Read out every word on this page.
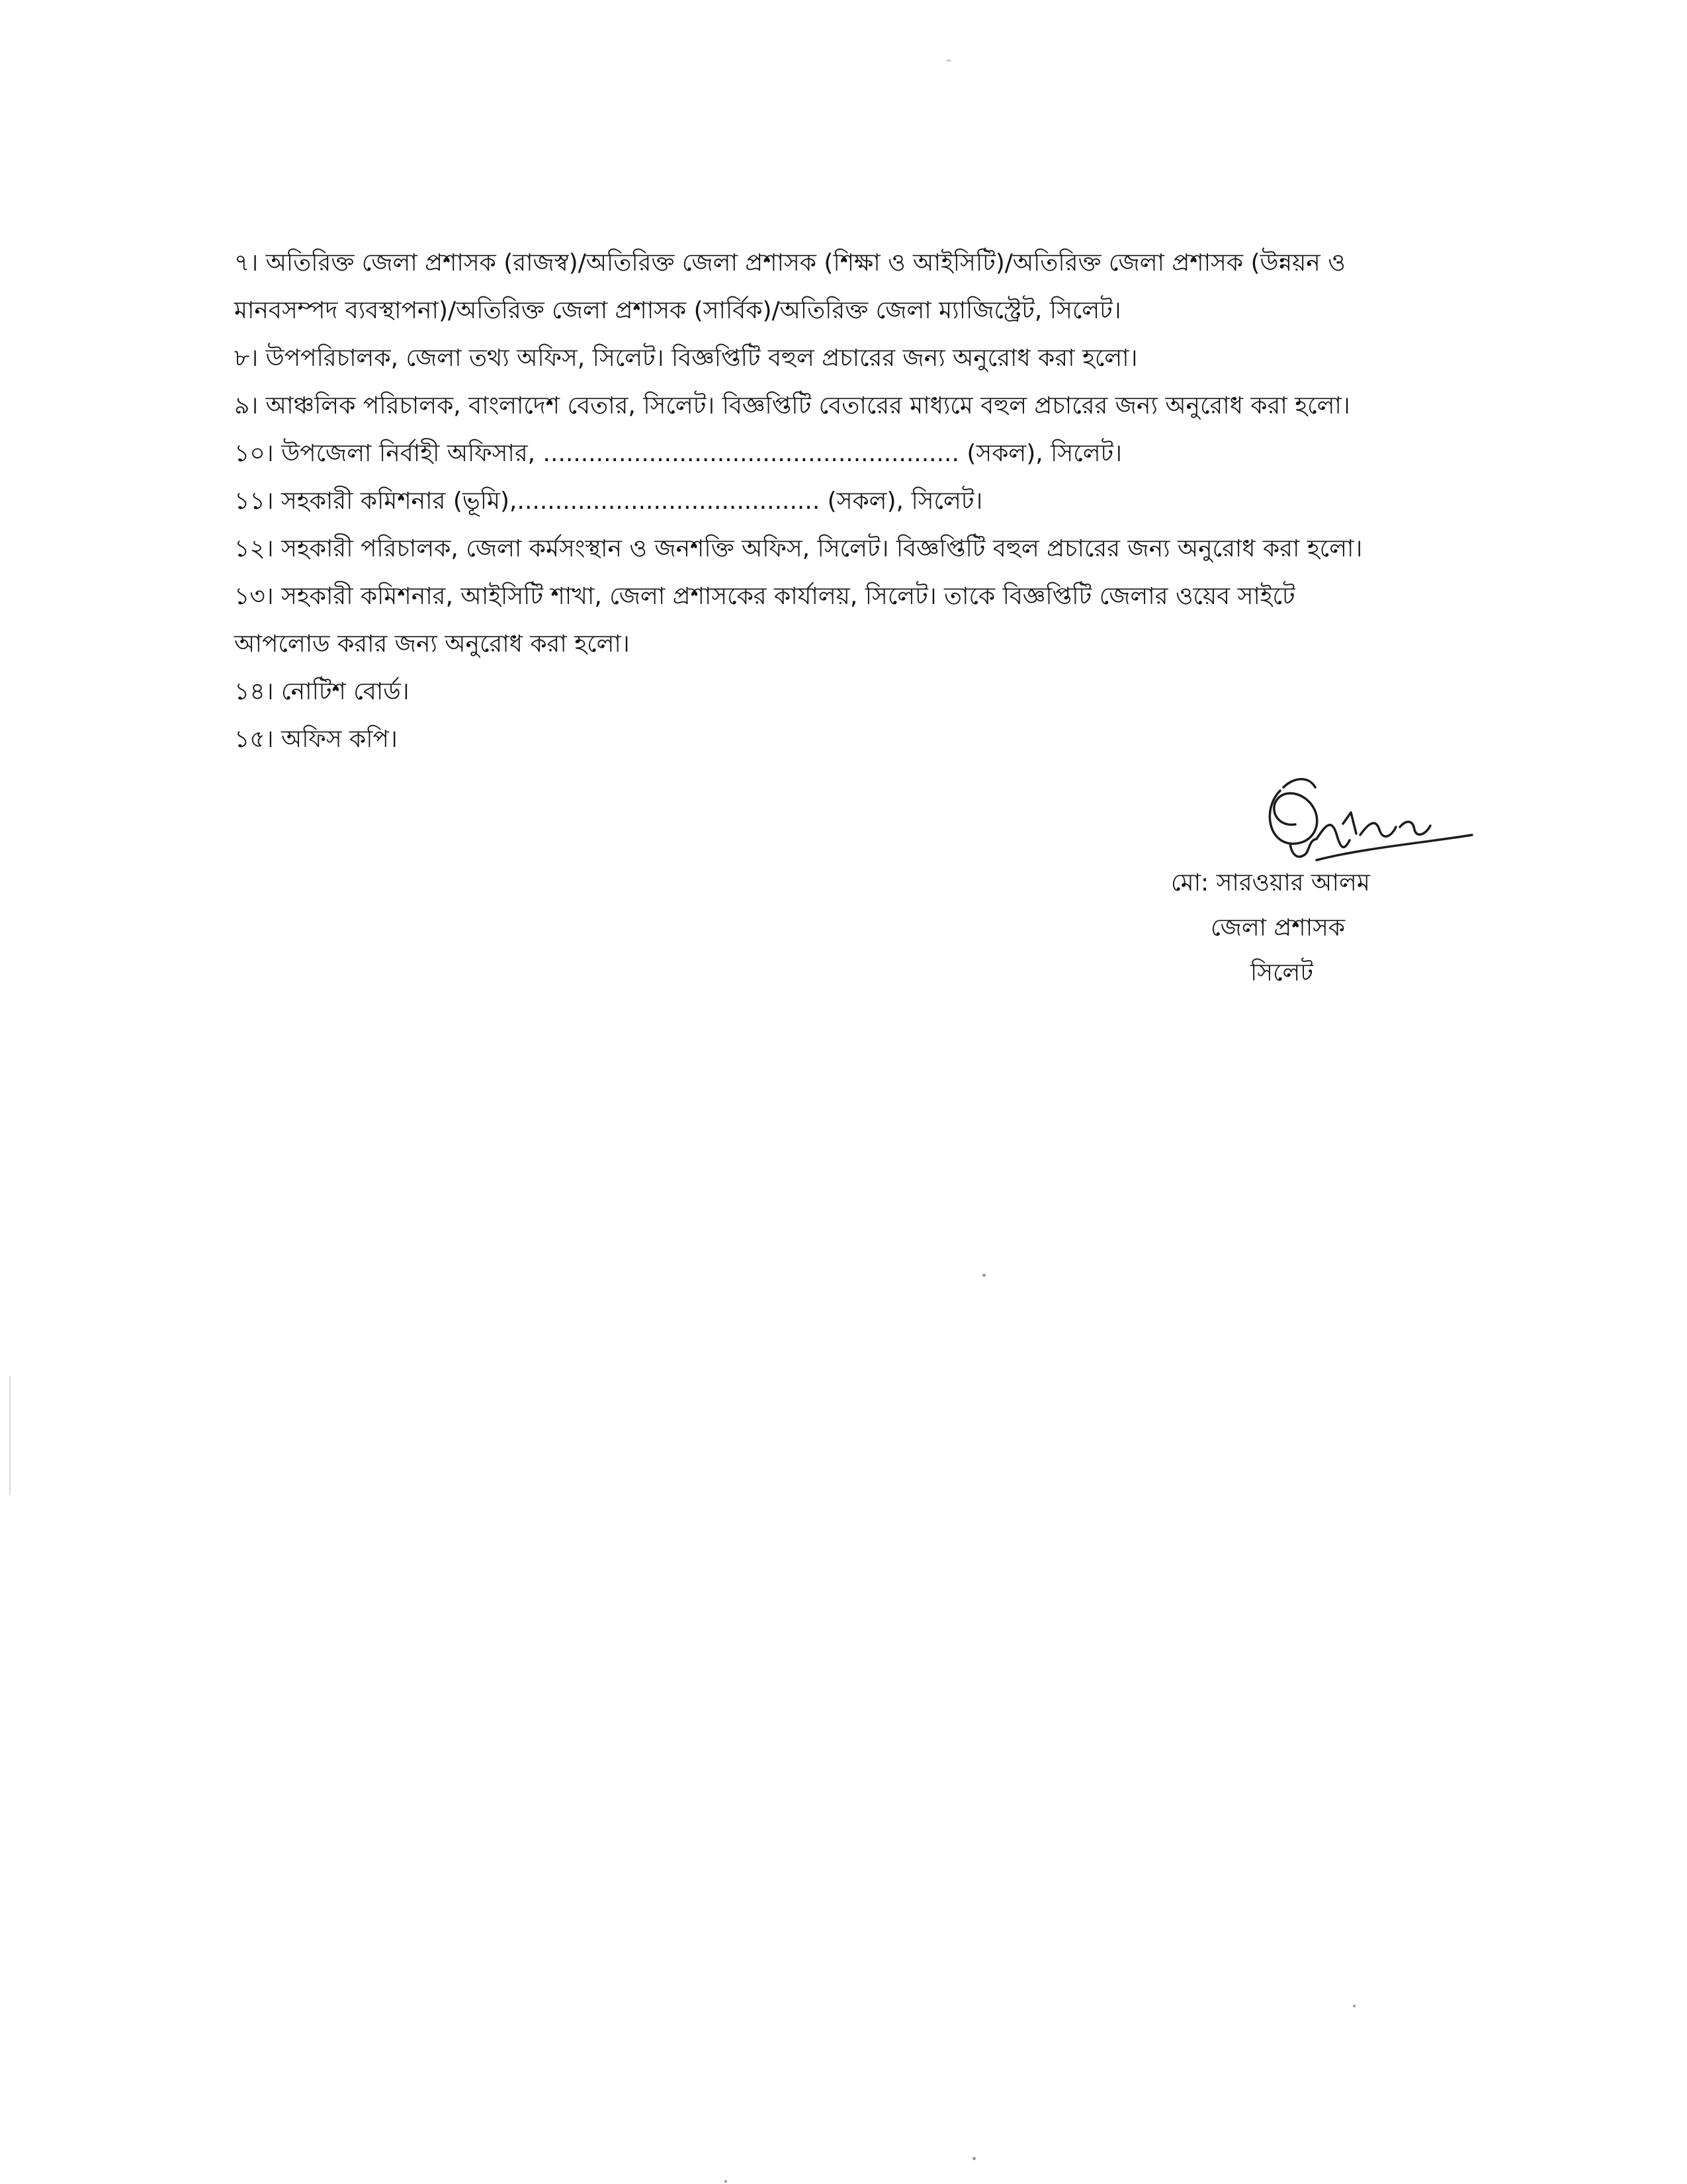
৭। অতিরিক্ত জেলা প্রশাসক (রাজস্ব)/অতিরিক্ত জেলা প্রশাসক (শিক্ষা ও আইসিটি)/অতিরিক্ত জেলা প্রশাসক (উন্নয়ন ও

মানবসম্পদ ব্যবস্থাপনা)/অতিরিক্ত জেলা প্রশাসক (সার্বিক)/অতিরিক্ত জেলা ম্যাজিস্ট্রেট, সিলেট।

৮। উপপরিচালক, জেলা তথ্য অফিস, সিলেট। বিজ্ঞপ্তিটি বহুল প্রচারের জন্য অনুরোধ করা হলো।

৯। আঞ্চলিক পরিচালক, বাংলাদেশ বেতার, সিলেট। বিজ্ঞপ্তিটি বেতারের মাধ্যমে বহুল প্রচারের জন্য অনুরোধ করা হলো।

১০। উপজেলা নির্বাহী অফিসার, ....................................................... (সকল), সিলেট।

১১। সহকারী কমিশনার (ভূমি),........................................ (সকল), সিলেট।

১২। সহকারী পরিচালক, জেলা কর্মসংস্থান ও জনশক্তি অফিস, সিলেট। বিজ্ঞপ্তিটি বহুল প্রচারের জন্য অনুরোধ করা হলো।

১৩। সহকারী কমিশনার, আইসিটি শাখা, জেলা প্রশাসকের কার্যালয়, সিলেট। তাকে বিজ্ঞপ্তিটি জেলার ওয়েব সাইটে

আপলোড করার জন্য অনুরোধ করা হলো।

১৪। নোটিশ বোর্ড।

১৫। অফিস কপি।

মো: সারওয়ার আলম
জেলা প্রশাসক
সিলেট
